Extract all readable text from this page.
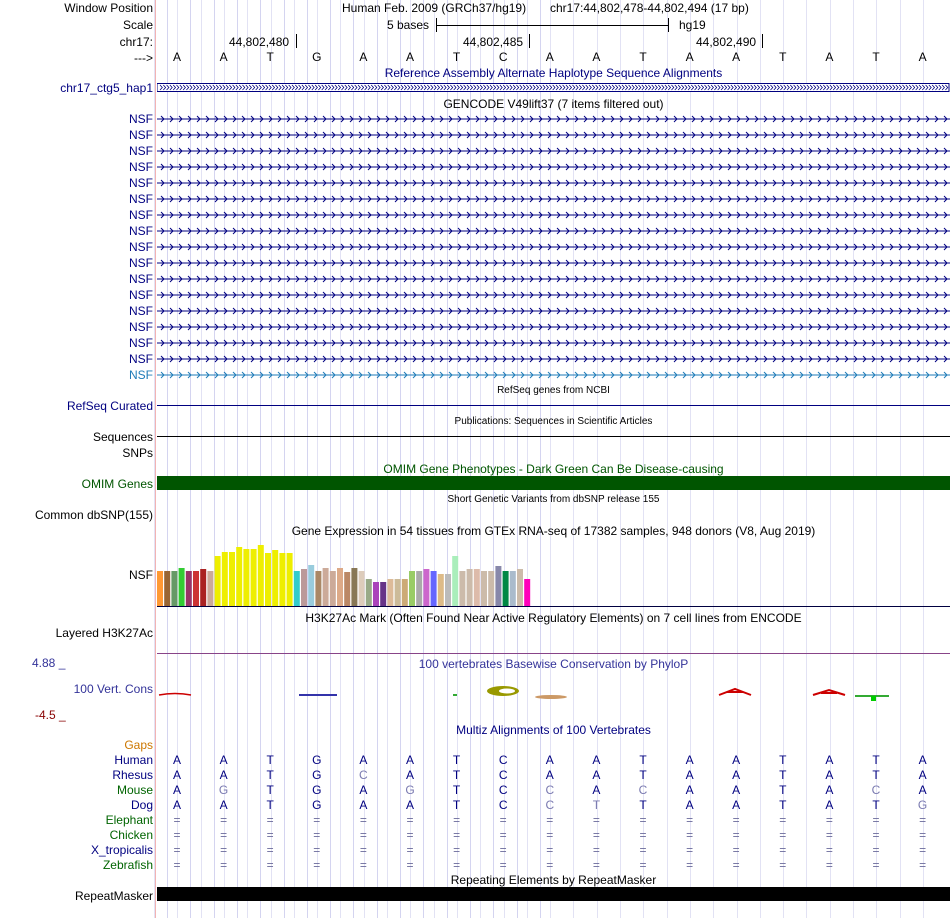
Window Position
Scale
chr17:
--->
Human Feb. 2009 (GRCh37/hg19) chr17:44,802,478-44,802,494 (17 bp)
5 bases	hg19
44,802,480	44,802,485	44,802,490
A	A	T	G	A	A	T	C	A	A	T	A	A	T	A	T	A
Reference Assembly Alternate Haplotype Sequence Alignments
chr17_ctg5_hap1
GENCODE V49lift37 (7 items filtered out)
NSF
NSF
NSF
NSF
NSF
NSF
NSF
NSF
NSF
NSF
NSF
NSF
NSF
NSF
NSF
NSF
NSF
RefSeq genes from NCBI
RefSeq Curated
Publications: Sequences in Scientific Articles
Sequences
SNPs
OMIM Gene Phenotypes - Dark Green Can Be Disease-causing
OMIM Genes
Short Genetic Variants from dbSNP release 155
Common dbSNP(155)
Gene Expression in 54 tissues from GTEx RNA-seq of 17382 samples, 948 donors (V8, Aug 2019)
NSF
H3K27Ac Mark (Often Found Near Active Regulatory Elements) on 7 cell lines from ENCODE
Layered H3K27Ac
100 vertebrates Basewise Conservation by PhyloP
4.88 _
100 Vert. Cons
-4.5 _
Multiz Alignments of 100 Vertebrates
Gaps
Human	A	A	T	G	A	A	T	C	A	A	T	A	A	T	A	T	A
Rhesus	A	A	T	G	C	A	T	C	A	A	T	A	A	T	A	T	A
Mouse	A	G	T	G	A	G	T	C	C	A	C	A	A	T	A	C	A
Dog	A	A	T	G	A	A	T	C	C	T	T	A	A	T	A	T	G
Elephant	=	=	=	=	=	=	=	=	=	=	=	=	=	=	=	=	=
Chicken	=	=	=	=	=	=	=	=	=	=	=	=	=	=	=	=	=
X_tropicalis	=	=	=	=	=	=	=	=	=	=	=	=	=	=	=	=	=
Zebrafish	=	=	=	=	=	=	=	=	=	=	=	=	=	=	=	=	=
Repeating Elements by RepeatMasker
RepeatMasker
